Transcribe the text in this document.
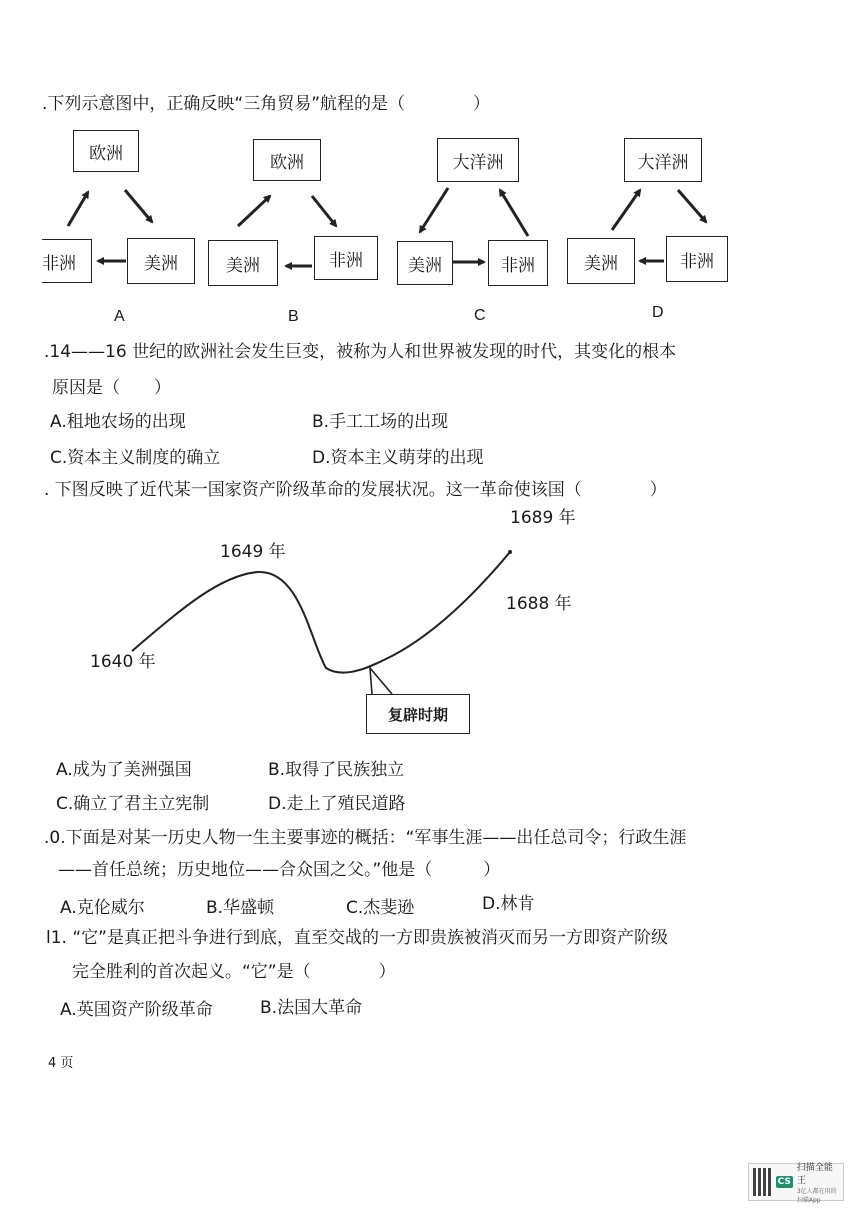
.下列示意图中，正确反映“三角贸易”航程的是（　　　　）
欧洲
非洲	美洲
A
欧洲
美洲	非洲
B
大洋洲
美洲	非洲
C
大洋洲
美洲	非洲
D
.14——16 世纪的欧洲社会发生巨变，被称为人和世界被发现的时代，其变化的根本
原因是（　　）
A.租地农场的出现	B.手工工场的出现
C.资本主义制度的确立	D.资本主义萌芽的出现
. 下图反映了近代某一国家资产阶级革命的发展状况。这一革命使该国（　　　　）
1689 年
1649 年
1688 年
1640 年
复辟时期
A.成为了美洲强国	B.取得了民族独立
C.确立了君主立宪制	D.走上了殖民道路
.0.下面是对某一历史人物一生主要事迹的概括：“军事生涯——出任总司令；行政生涯
——首任总统；历史地位——合众国之父。”他是（　　　）
A.克伦威尔	B.华盛顿	C.杰斐逊	D.林肯
l1. “它”是真正把斗争进行到底，直至交战的一方即贵族被消灭而另一方即资产阶级
完全胜利的首次起义。“它”是（　　　　）
A.英国资产阶级革命	B.法国大革命
4 页
CS
扫描全能王
3亿人都在用的扫描App
